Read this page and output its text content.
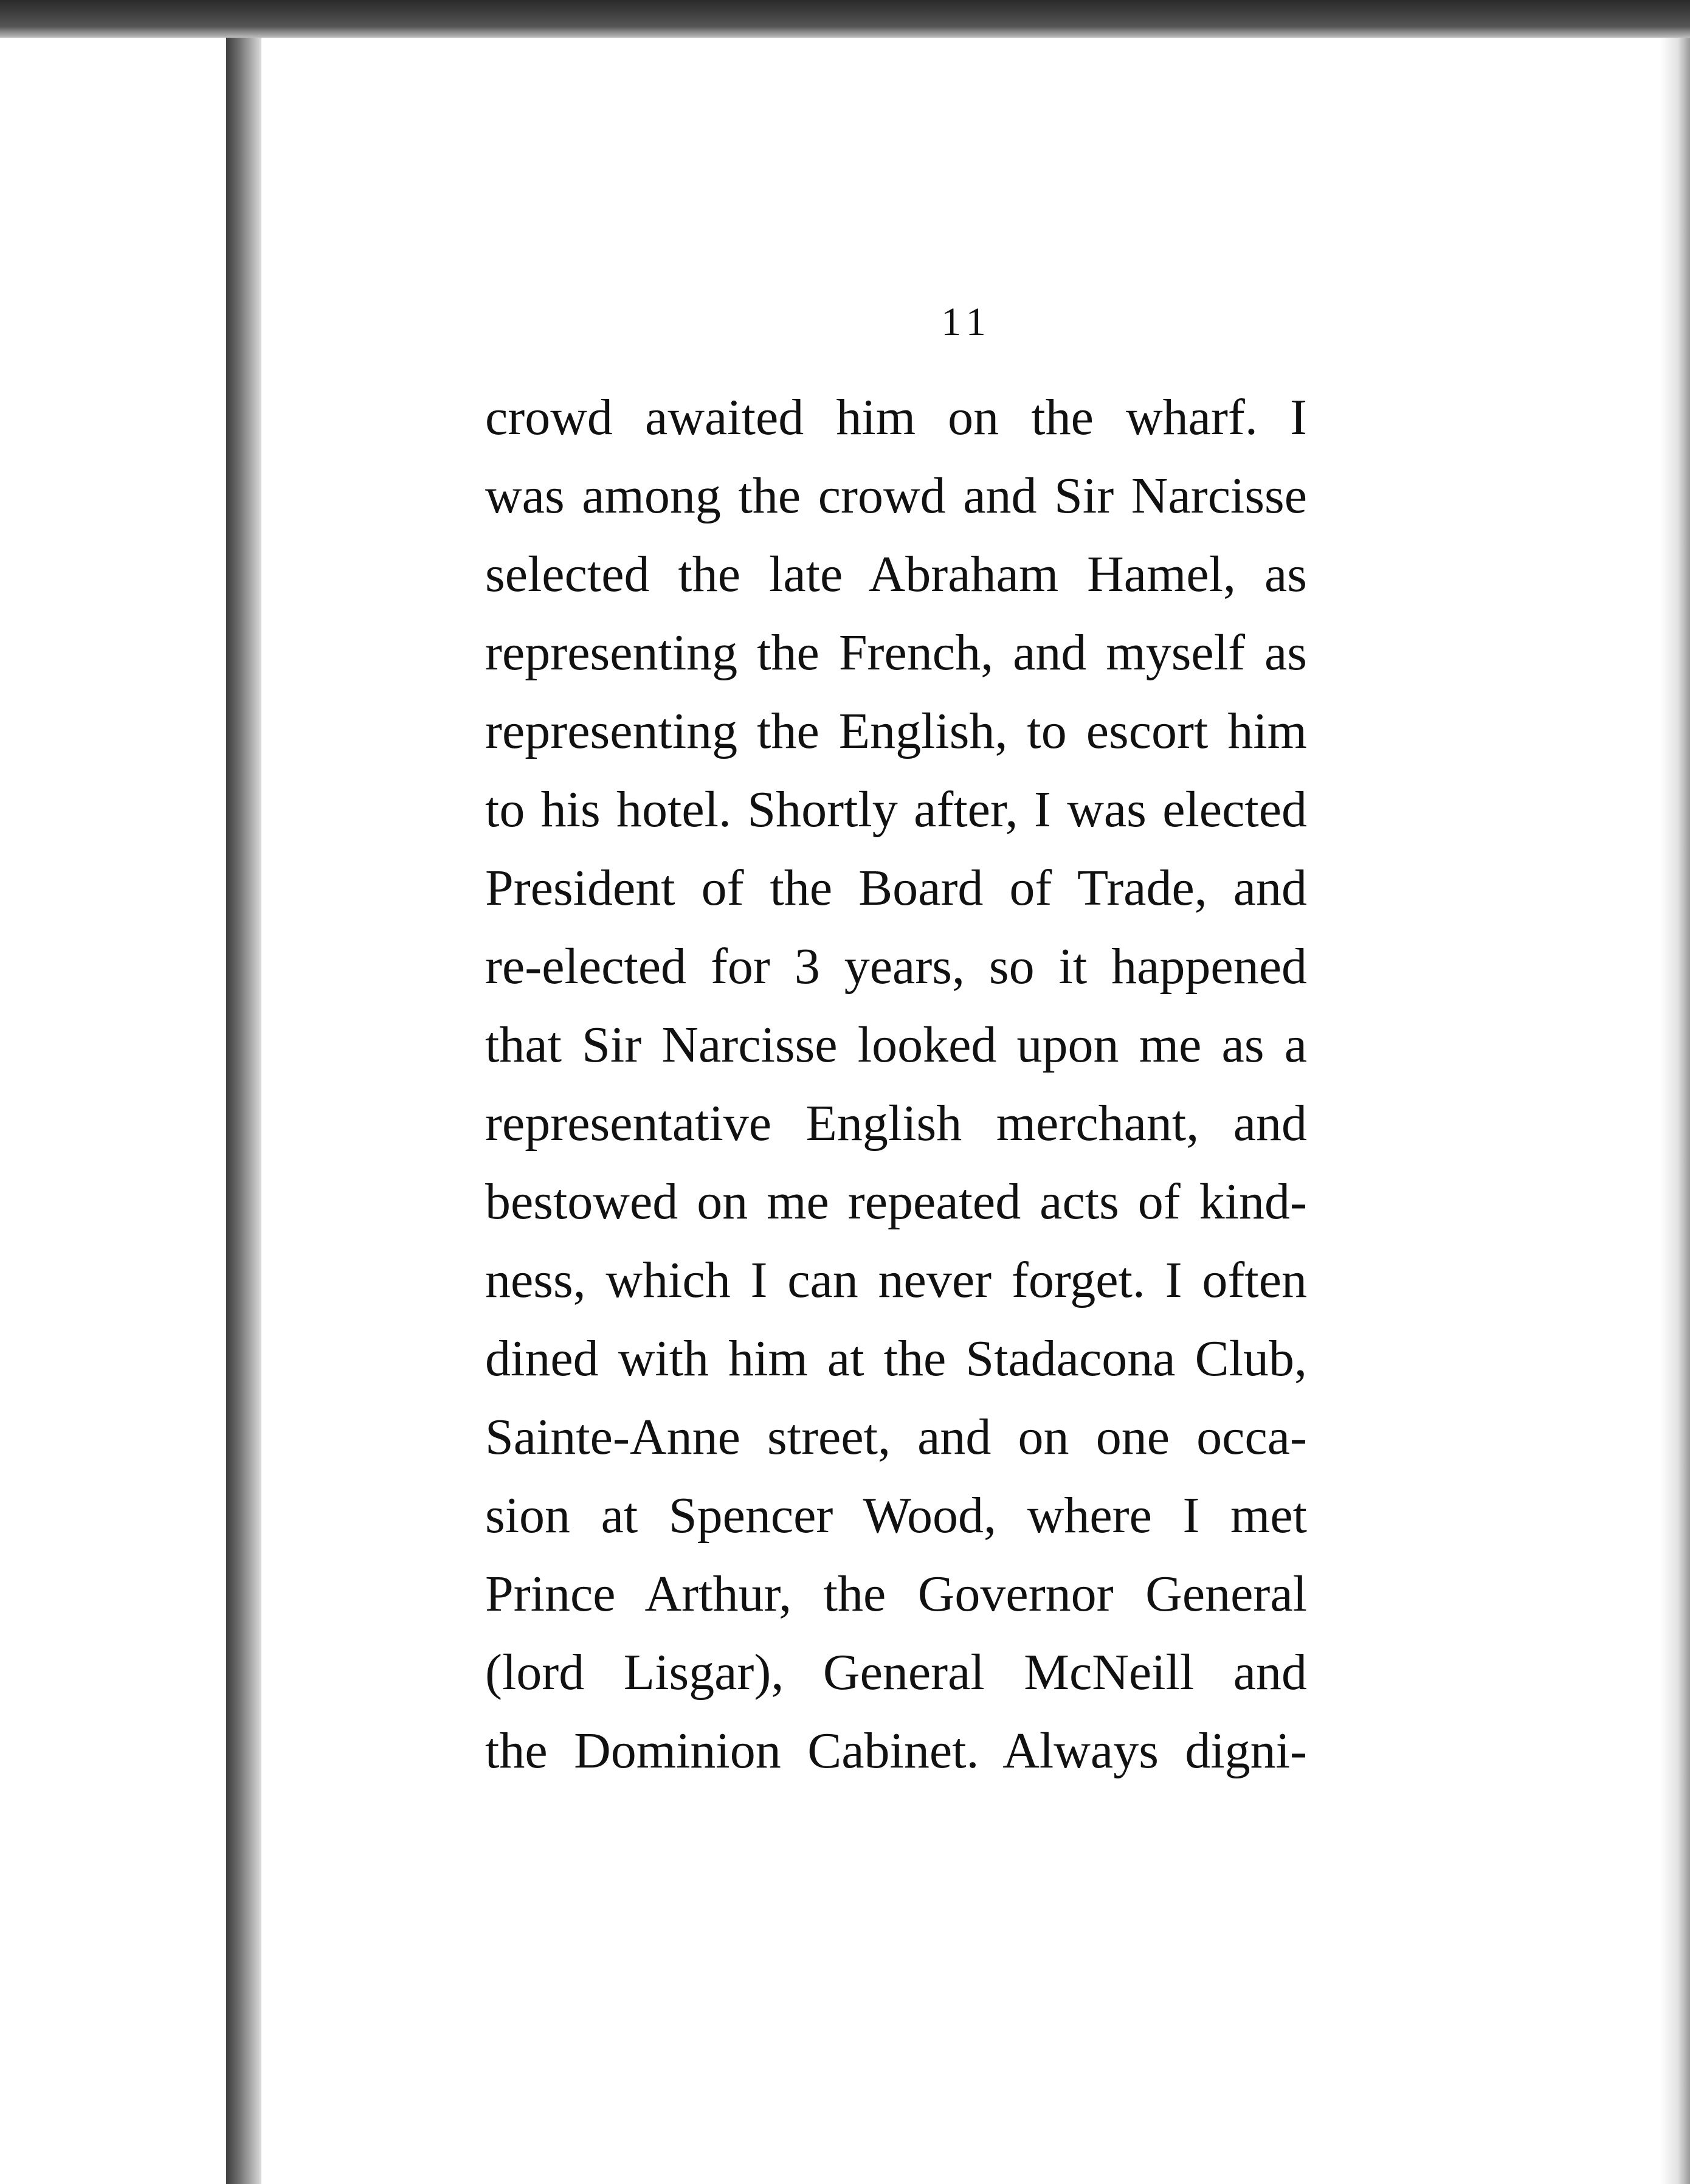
11
crowd awaited him on the wharf. I
was among the crowd and Sir Narcisse
selected the late Abraham Hamel, as
representing the French, and myself as
representing the English, to escort him
to his hotel. Shortly after, I was elected
President of the Board of Trade, and
re-elected for 3 years, so it happened
that Sir Narcisse looked upon me as a
representative English merchant, and
bestowed on me repeated acts of kind-
ness, which I can never forget. I often
dined with him at the Stadacona Club,
Sainte-Anne street, and on one occa-
sion at Spencer Wood, where I met
Prince Arthur, the Governor General
(lord Lisgar), General McNeill and
the Dominion Cabinet. Always digni-
